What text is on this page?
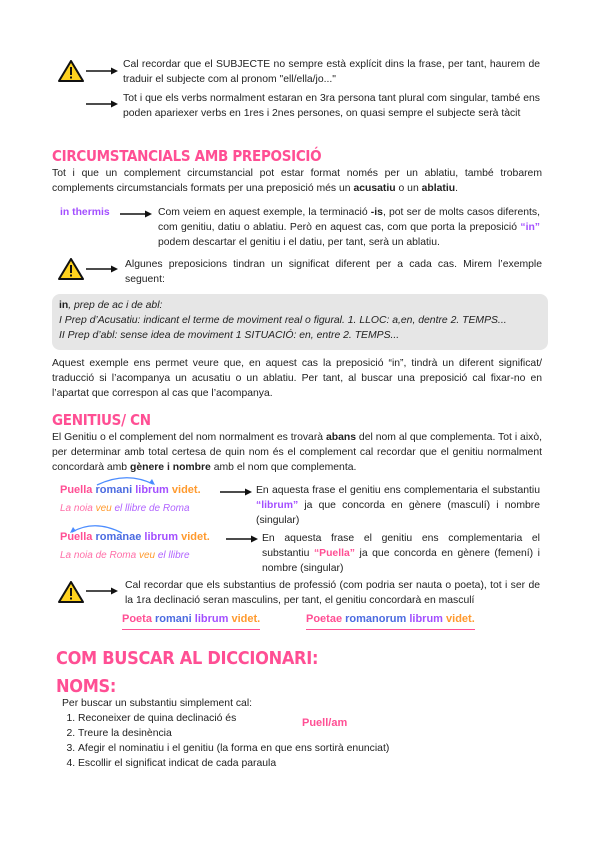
Cal recordar que el SUBJECTE no sempre està explícit dins la frase, per tant, haurem de traduir el subjecte com al pronom "ell/ella/jo..."
Tot i que els verbs normalment estaran en 3ra persona tant plural com singular, també ens poden apariexer verbs en 1res i 2nes persones, on quasi sempre el subjecte serà tàcit
CIRCUMSTANCIALS AMB PREPOSICIÓ
Tot i que un complement circumstancial pot estar format només per un ablatiu, també trobarem complements circumstancials formats per una preposició més un acusatiu o un ablatiu.
in thermis	Com veiem en aquest exemple, la terminació -is, pot ser de molts casos diferents, com genitiu, datiu o ablatiu. Però en aquest cas, com que porta la preposició “in” podem descartar el genitiu i el datiu, per tant, serà un ablatiu.
Algunes preposicions tindran un significat diferent per a cada cas. Mirem l’exemple seguent:
in, prep de ac i de abl:
I Prep d’Acusatiu: indicant el terme de moviment real o figural. 1. LLOC: a,en, dentre 2. TEMPS...
II Prep d’abl: sense idea de moviment 1 SITUACIÓ: en, entre 2. TEMPS...
Aquest exemple ens permet veure que, en aquest cas la preposició “in”, tindrà un diferent significat/ traducció si l’acompanya un acusatiu o un ablatiu. Per tant, al buscar una preposició cal fixar-no en l’apartat que correspon al cas que l’acompanya.
GENITIUS/ CN
El Genitiu o el complement del nom normalment es trovarà abans del nom al que complementa. Tot i això, per determinar amb total certesa de quin nom és el complement cal recordar que el genitiu normalment concordarà amb gènere i nombre amb el nom que complementa.
Puella romani librum videt.
La noia veu el llibre de Roma
En aquesta frase el genitiu ens complementaria el substantiu “librum” ja que concorda en gènere (masculí) i nombre (singular)
Puella romanae librum videt.
La noia de Roma veu el llibre
En aquesta frase el genitiu ens complementaria el substantiu “Puella” ja que concorda en gènere (femení) i nombre (singular)
Cal recordar que els substantius de professió (com podria ser nauta o poeta), tot i ser de la 1ra declinació seran masculins, per tant, el genitiu concordarà en masculí
Poeta romani librum videt.	Poetae romanorum librum videt.
COM BUSCAR AL DICCIONARI:
NOMS:
Per buscar un substantiu simplement cal:
1. Reconeixer de quina declinació és
2. Treure la desinència
3. Afegir el nominatiu i el genitiu (la forma en que ens sortirà enunciat)
4. Escollir el significat indicat de cada paraula
Puell/am
